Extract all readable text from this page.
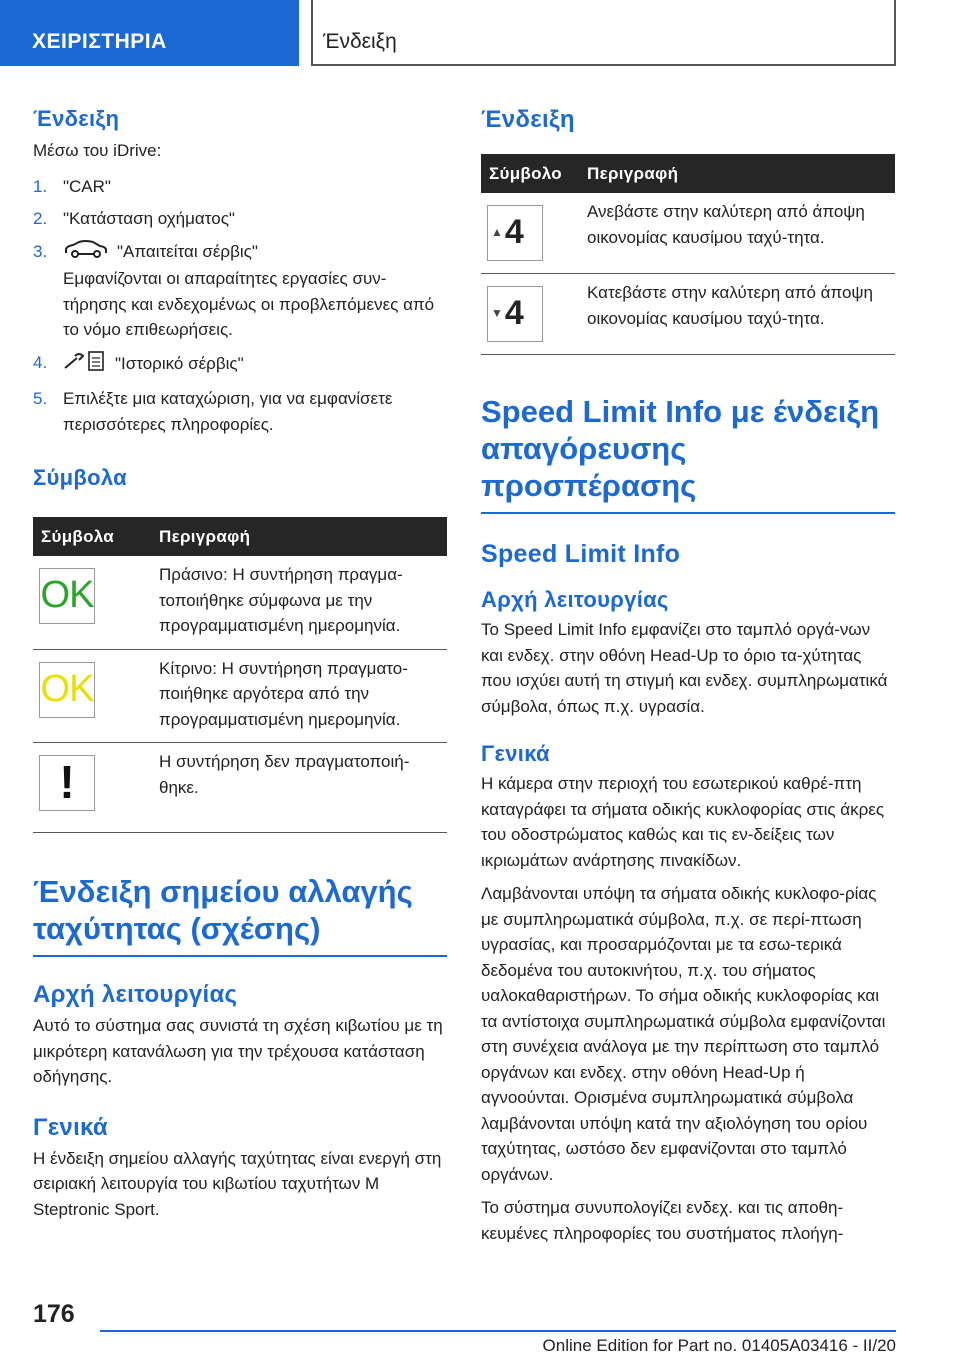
ΧΕΙΡΙΣΤΗΡΙΑ	Ένδειξη
Ένδειξη
Μέσω του iDrive:
1. "CAR"
2. "Κατάσταση οχήματος"
3.	"Απαιτείται σέρβις"
Εμφανίζονται οι απαραίτητες εργασίες συν-τήρησης και ενδεχομένως οι προβλεπόμενες από το νόμο επιθεωρήσεις.
4.	"Ιστορικό σέρβις"
5. Επιλέξτε μια καταχώριση, για να εμφανίσετε περισσότερες πληροφορίες.
Σύμβολα
Σύμβολα	Περιγραφή

OK	Πράσινο: Η συντήρηση πραγμα-τοποιήθηκε σύμφωνα με την προγραμματισμένη ημερομηνία.

OK	Κίτρινο: Η συντήρηση πραγματο-ποιήθηκε αργότερα από την προγραμματισμένη ημερομηνία.

!	Η συντήρηση δεν πραγματοποιή-θηκε.
Ένδειξη σημείου αλλαγής ταχύτητας (σχέσης)
Αρχή λειτουργίας
Αυτό το σύστημα σας συνιστά τη σχέση κιβωτίου με τη μικρότερη κατανάλωση για την τρέχουσα κατάσταση οδήγησης.
Γενικά
Η ένδειξη σημείου αλλαγής ταχύτητας είναι ενεργή στη σειριακή λειτουργία του κιβωτίου ταχυτήτων M Steptronic Sport.
Ένδειξη
Σύμβολο	Περιγραφή

▲ 4	Ανεβάστε στην καλύτερη από άποψη οικονομίας καυσίμου ταχύ-τητα.

▼ 4	Κατεβάστε στην καλύτερη από άποψη οικονομίας καυσίμου ταχύ-τητα.
Speed Limit Info με ένδειξη απαγόρευσης προσπέρασης
Speed Limit Info
Αρχή λειτουργίας
Το Speed Limit Info εμφανίζει στο ταμπλό οργά-νων και ενδεχ. στην οθόνη Head-Up το όριο τα-χύτητας που ισχύει αυτή τη στιγμή και ενδεχ. συμπληρωματικά σύμβολα, όπως π.χ. υγρασία.
Γενικά
Η κάμερα στην περιοχή του εσωτερικού καθρέ-πτη καταγράφει τα σήματα οδικής κυκλοφορίας στις άκρες του οδοστρώματος καθώς και τις εν-δείξεις των ικριωμάτων ανάρτησης πινακίδων.
Λαμβάνονται υπόψη τα σήματα οδικής κυκλοφο-ρίας με συμπληρωματικά σύμβολα, π.χ. σε περί-πτωση υγρασίας, και προσαρμόζονται με τα εσω-τερικά δεδομένα του αυτοκινήτου, π.χ. του σήματος υαλοκαθαριστήρων. Το σήμα οδικής κυκλοφορίας και τα αντίστοιχα συμπληρωματικά σύμβολα εμφανίζονται στη συνέχεια ανάλογα με την περίπτωση στο ταμπλό οργάνων και ενδεχ. στην οθόνη Head-Up ή αγνοούνται. Ορισμένα συμπληρωματικά σύμβολα λαμβάνονται υπόψη κατά την αξιολόγηση του ορίου ταχύτητας, ωστόσο δεν εμφανίζονται στο ταμπλό οργάνων.
Το σύστημα συνυπολογίζει ενδεχ. και τις αποθη-κευμένες πληροφορίες του συστήματος πλοήγη-
176
Online Edition for Part no. 01405A03416 - II/20
